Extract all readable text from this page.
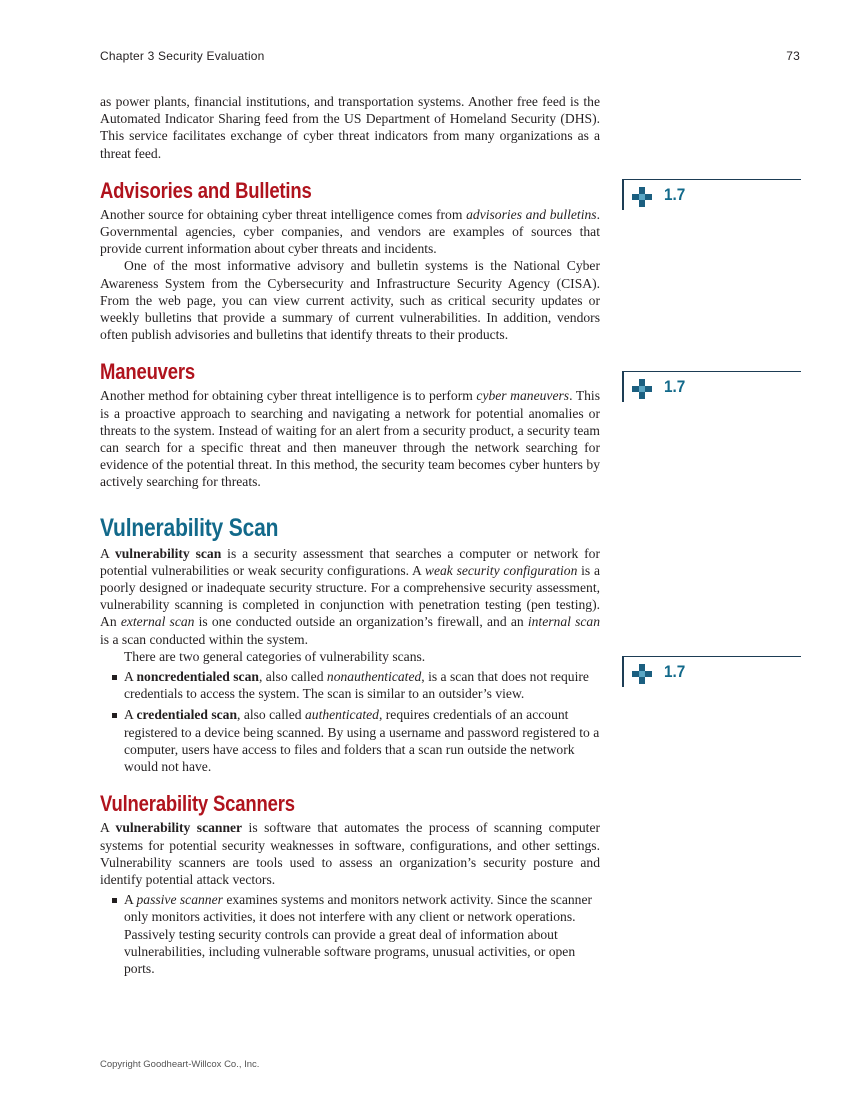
Chapter 3 Security Evaluation	73

as power plants, financial institutions, and transportation systems. Another free feed is the Automated Indicator Sharing feed from the US Department of Homeland Security (DHS). This service facilitates exchange of cyber threat indicators from many organizations as a threat feed.

Advisories and Bulletins

Another source for obtaining cyber threat intelligence comes from advisories and bulletins. Governmental agencies, cyber companies, and vendors are examples of sources that provide current information about cyber threats and incidents.

One of the most informative advisory and bulletin systems is the National Cyber Awareness System from the Cybersecurity and Infrastructure Security Agency (CISA). From the web page, you can view current activity, such as critical security updates or weekly bulletins that provide a summary of current vulnerabilities. In addition, vendors often publish advisories and bulletins that identify threats to their products.

Maneuvers

Another method for obtaining cyber threat intelligence is to perform cyber maneuvers. This is a proactive approach to searching and navigating a network for potential anomalies or threats to the system. Instead of waiting for an alert from a security product, a security team can search for a specific threat and then maneuver through the network searching for evidence of the potential threat. In this method, the security team becomes cyber hunters by actively searching for threats.

Vulnerability Scan

A vulnerability scan is a security assessment that searches a computer or network for potential vulnerabilities or weak security configurations. A weak security configuration is a poorly designed or inadequate security structure. For a comprehensive security assessment, vulnerability scanning is completed in conjunction with penetration testing (pen testing). An external scan is one conducted outside an organization’s firewall, and an internal scan is a scan conducted within the system.

There are two general categories of vulnerability scans.

A noncredentialed scan, also called nonauthenticated, is a scan that does not require credentials to access the system. The scan is similar to an outsider’s view.
A credentialed scan, also called authenticated, requires credentials of an account registered to a device being scanned. By using a username and password registered to a computer, users have access to files and folders that a scan run outside the network would not have.
Vulnerability Scanners

A vulnerability scanner is software that automates the process of scanning computer systems for potential security weaknesses in software, configurations, and other settings. Vulnerability scanners are tools used to assess an organization’s security posture and identify potential attack vectors.

A passive scanner examines systems and monitors network activity. Since the scanner only monitors activities, it does not interfere with any client or network operations. Passively testing security controls can provide a great deal of information about vulnerabilities, including vulnerable software programs, unusual activities, or open ports.
1.7
1.7
1.7
Copyright Goodheart-Willcox Co., Inc.
